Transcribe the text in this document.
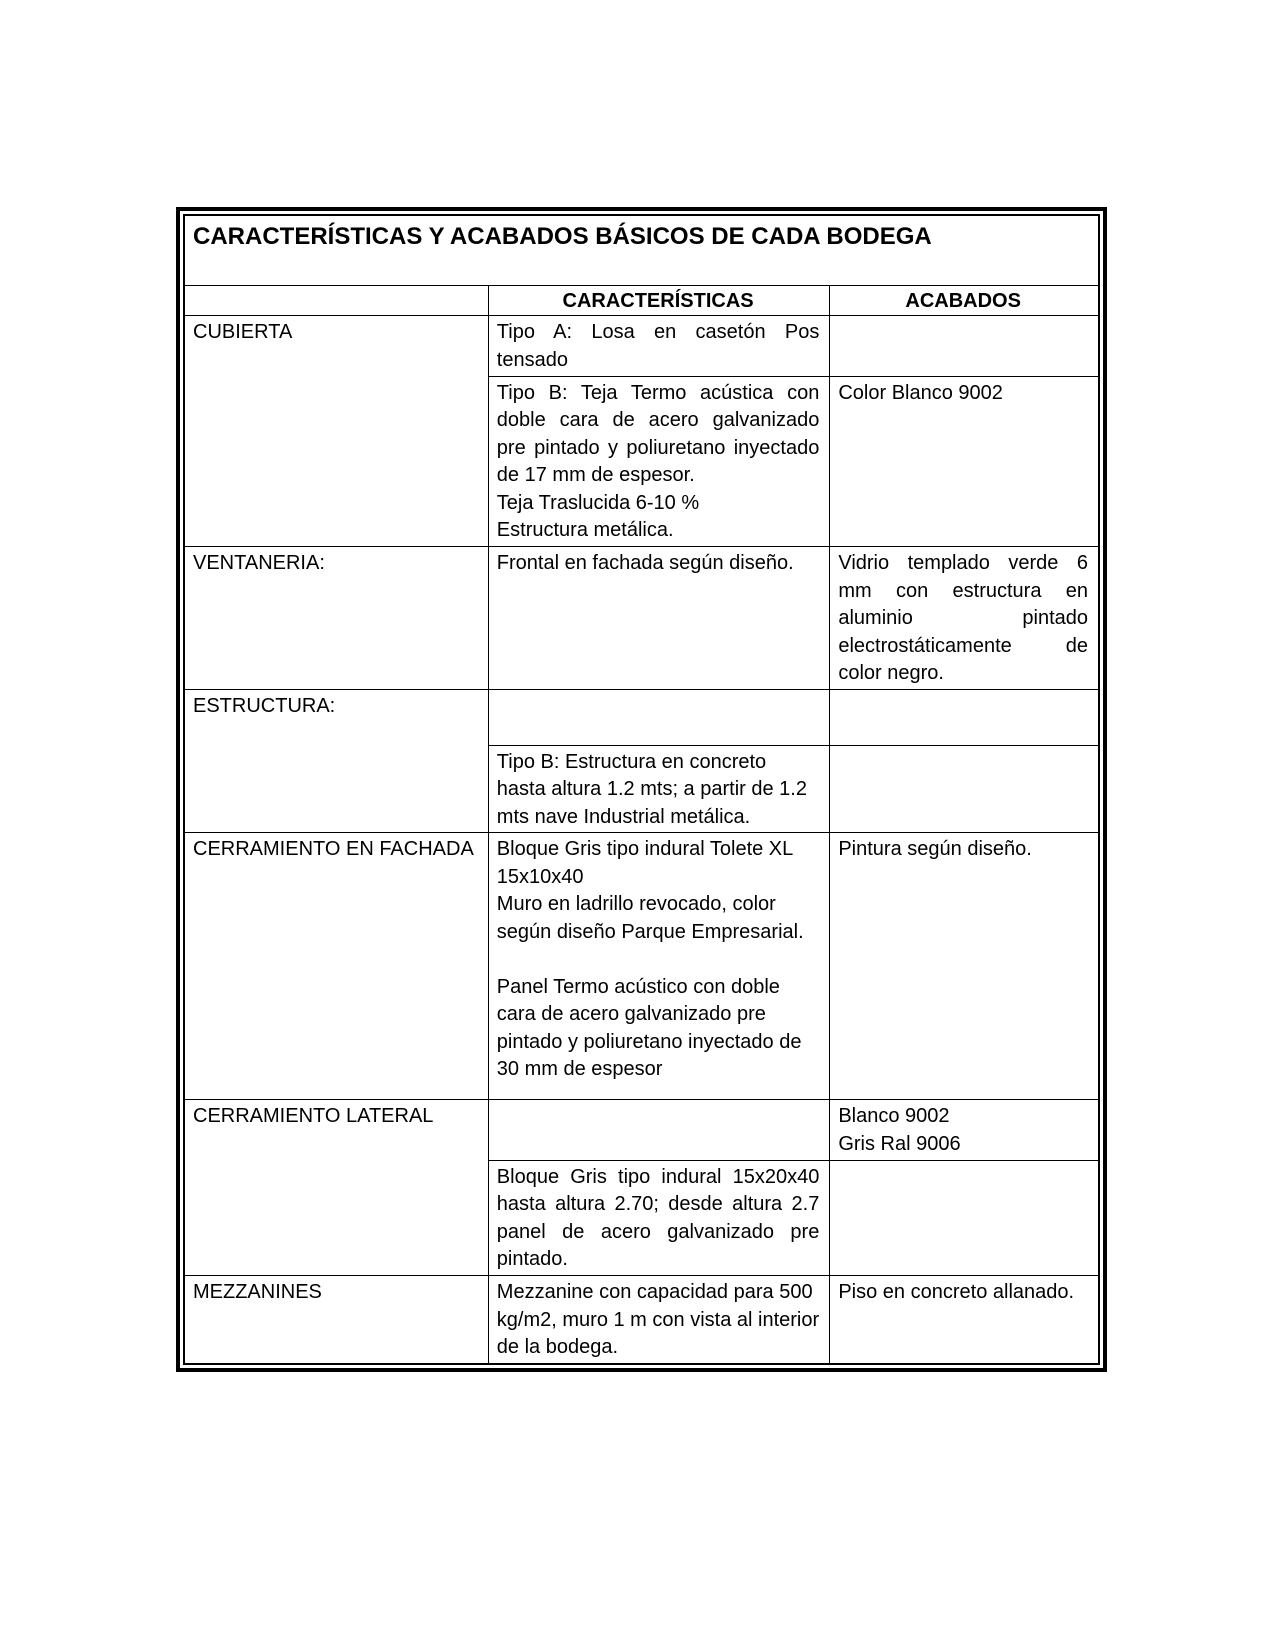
CARACTERÍSTICAS Y ACABADOS BÁSICOS DE CADA BODEGA		

	CARACTERÍSTICAS	ACABADOS
CUBIERTA	Tipo A: Losa en casetón Pos tensado	

	Tipo B: Teja Termo acústica con doble cara de acero galvanizado pre pintado y poliuretano inyectado de 17 mm de espesor.
Teja Traslucida 6-10 %
Estructura metálica.	Color Blanco 9002
VENTANERIA:	Frontal en fachada según diseño.	Vidrio templado verde 6 mm con estructura en aluminio pintado electrostáticamente de color negro.
ESTRUCTURA:		
	Tipo B: Estructura en concreto hasta altura 1.2 mts; a partir de 1.2 mts nave Industrial metálica.	
CERRAMIENTO EN FACHADA	Bloque Gris tipo indural Tolete XL 15x10x40
Muro en ladrillo revocado, color según diseño Parque Empresarial.
Panel Termo acústico con doble cara de acero galvanizado pre pintado y poliuretano inyectado de 30 mm de espesor	Pintura según diseño.
CERRAMIENTO LATERAL		Blanco 9002
Gris Ral 9006

	Bloque Gris tipo indural 15x20x40 hasta altura 2.70; desde altura 2.7 panel de acero galvanizado pre pintado.	
MEZZANINES	Mezzanine con capacidad para 500 kg/m2, muro 1 m con vista al interior de la bodega.	Piso en concreto allanado.
